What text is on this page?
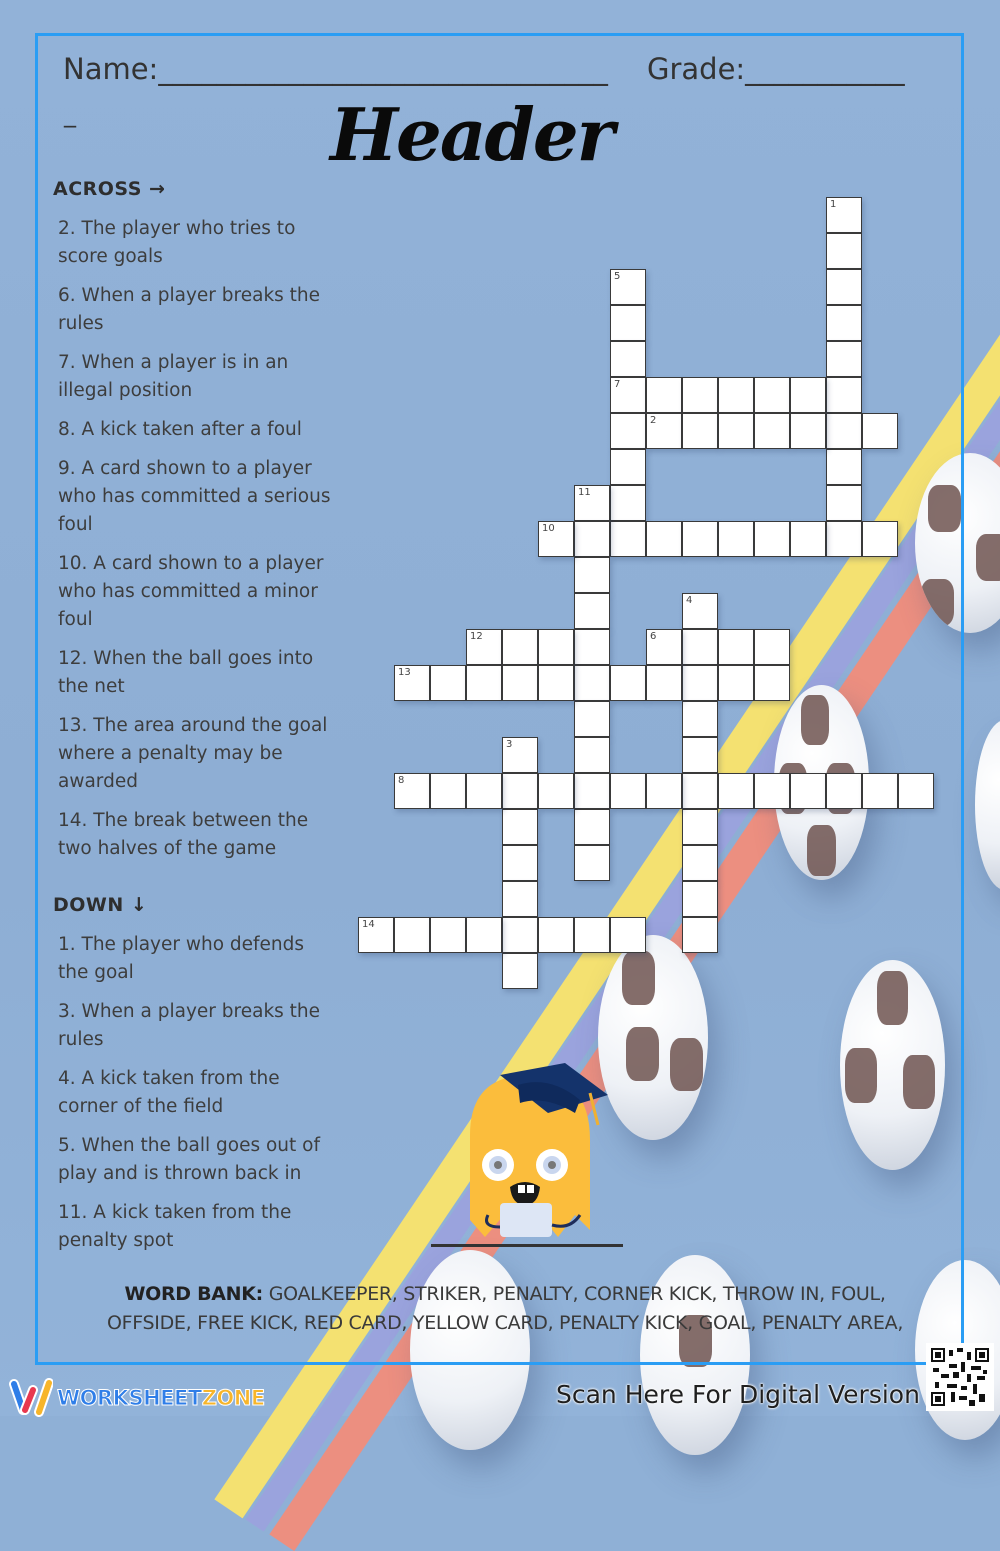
Name:_______________________________ Grade:___________
_	Header
ACROSS →
2. The player who tries to score goals
6. When a player breaks the rules
7. When a player is in an illegal position
8. A kick taken after a foul
9. A card shown to a player who has committed a serious foul
10. A card shown to a player who has committed a minor foul
12. When the ball goes into the net
13. The area around the goal where a penalty may be awarded
14. The break between the two halves of the game
DOWN ↓
1. The player who defends the goal
3. When a player breaks the rules
4. A kick taken from the corner of the field
5. When the ball goes out of play and is thrown back in
11. A kick taken from the penalty spot
1
5
7
2
11
10
4
12	6
13
3
8
14
WORD BANK: GOALKEEPER, STRIKER, PENALTY, CORNER KICK, THROW IN, FOUL, OFFSIDE, FREE KICK, RED CARD, YELLOW CARD, PENALTY KICK, GOAL, PENALTY AREA,
WORKSHEETZONE	Scan Here For Digital Version
